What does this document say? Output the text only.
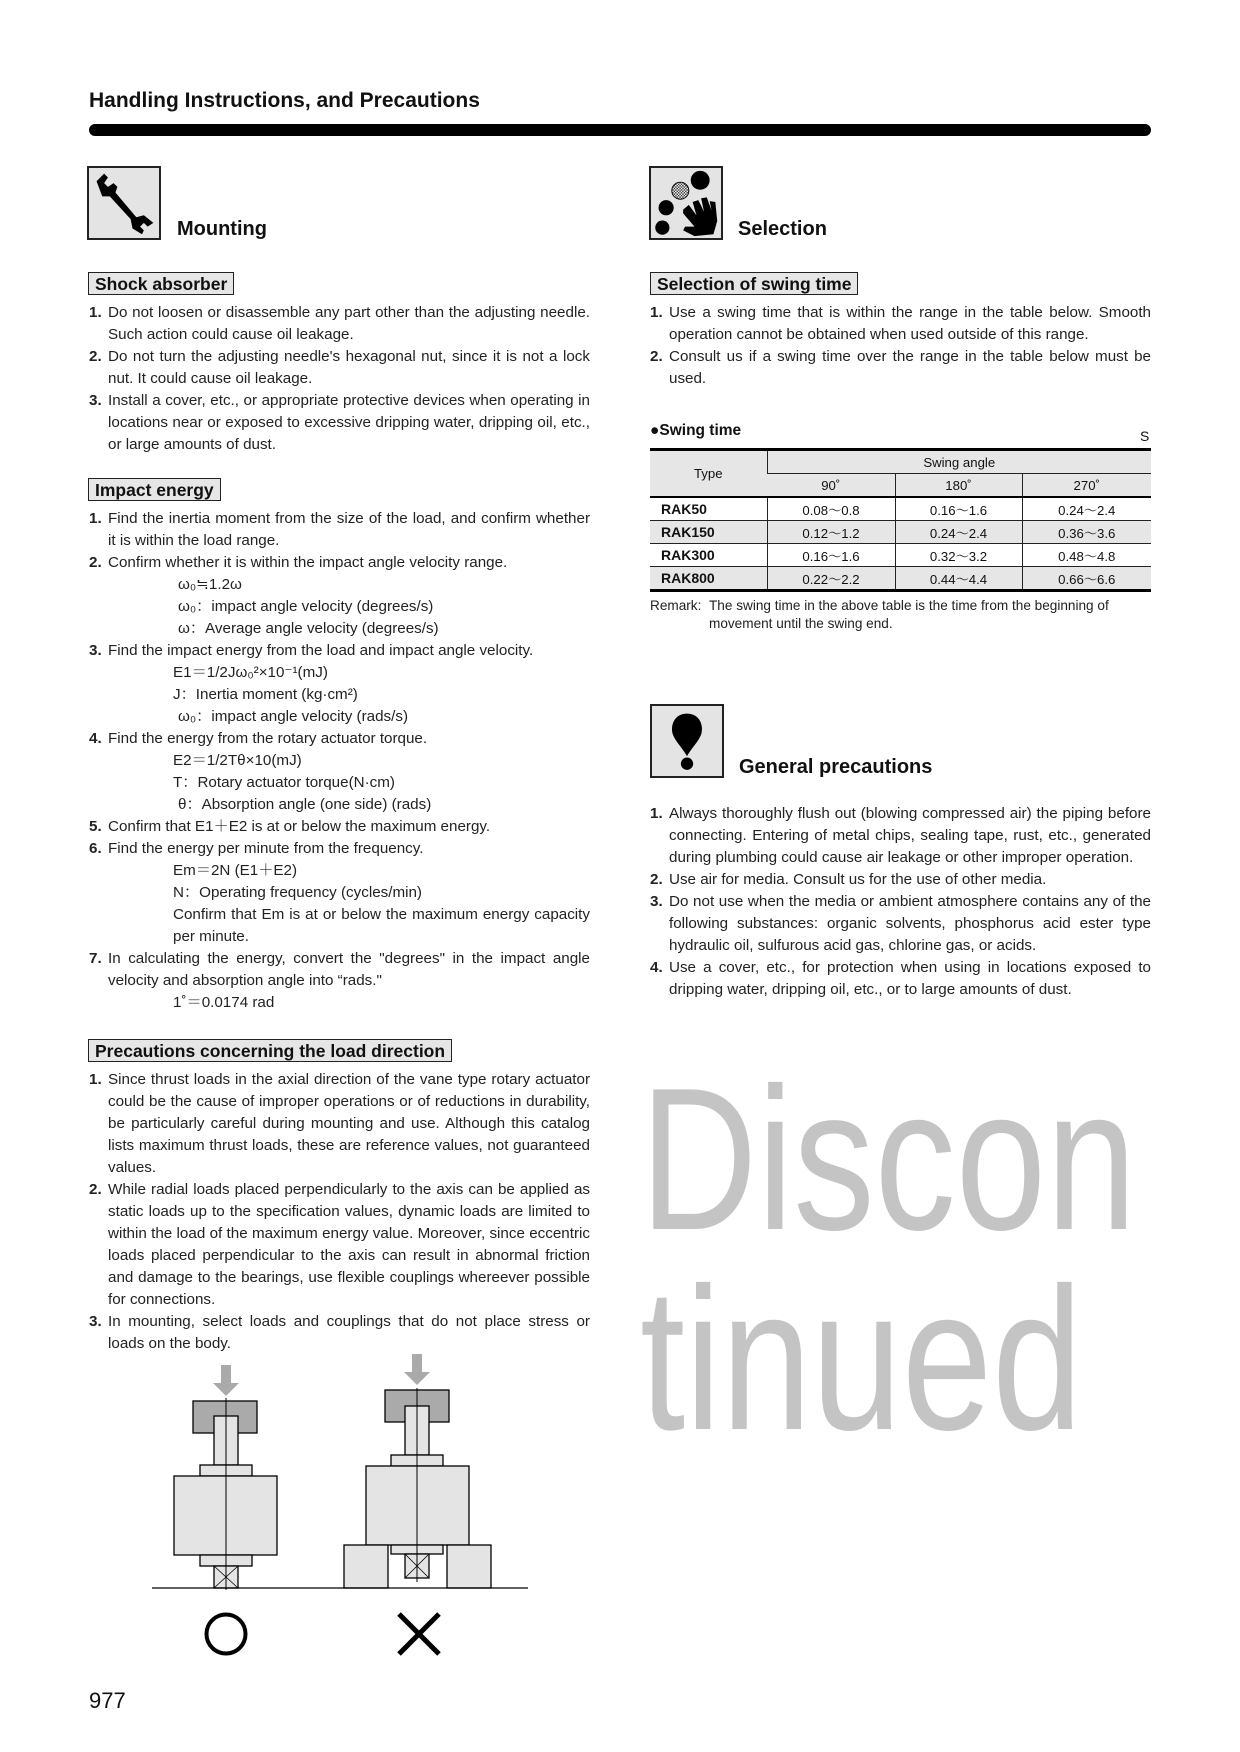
Handling Instructions, and Precautions
Mounting
Shock absorber
1. Do not loosen or disassemble any part other than the adjusting needle. Such action could cause oil leakage.
2. Do not turn the adjusting needle's hexagonal nut, since it is not a lock nut. It could cause oil leakage.
3. Install a cover, etc., or appropriate protective devices when operating in locations near or exposed to excessive dripping water, dripping oil, etc., or large amounts of dust.
Impact energy
1. Find the inertia moment from the size of the load, and confirm whether it is within the load range.
2. Confirm whether it is within the impact angle velocity range.
ω₀≒1.2ω
ω₀：impact angle velocity (degrees/s)
ω：Average angle velocity (degrees/s)
3. Find the impact energy from the load and impact angle velocity.
E1＝1/2Jω₀²×10⁻¹(mJ)
J：Inertia moment (kg·cm²)
ω₀：impact angle velocity (rads/s)
4. Find the energy from the rotary actuator torque.
E2＝1/2Tθ×10(mJ)
T：Rotary actuator torque(N·cm)
θ：Absorption angle (one side) (rads)
5. Confirm that E1＋E2 is at or below the maximum energy.
6. Find the energy per minute from the frequency.
Em＝2N (E1＋E2)
N：Operating frequency (cycles/min)
Confirm that Em is at or below the maximum energy capacity per minute.
7. In calculating the energy, convert the "degrees" in the impact angle velocity and absorption angle into “rads."
1˚＝0.0174 rad
Precautions concerning the load direction
1. Since thrust loads in the axial direction of the vane type rotary actuator could be the cause of improper operations or of reductions in durability, be particularly careful during mounting and use. Although this catalog lists maximum thrust loads, these are reference values, not guaranteed values.
2. While radial loads placed perpendicularly to the axis can be applied as static loads up to the specification values, dynamic loads are limited to within the load of the maximum energy value. Moreover, since eccentric loads placed perpendicular to the axis can result in abnormal friction and damage to the bearings, use flexible couplings whereever possible for connections.
3. In mounting, select loads and couplings that do not place stress or loads on the body.
Selection
Selection of swing time
1. Use a swing time that is within the range in the table below. Smooth operation cannot be obtained when used outside of this range.
2. Consult us if a swing time over the range in the table below must be used.
●Swing time	S
Type	Swing angle		
	90˚	180˚	270˚
RAK50	0.08～0.8	0.16～1.6	0.24～2.4
RAK150	0.12～1.2	0.24～2.4	0.36～3.6
RAK300	0.16～1.6	0.32～3.2	0.48～4.8
RAK800	0.22～2.2	0.44～4.4	0.66～6.6
Remark: The swing time in the above table is the time from the beginning of
movement until the swing end.
General precautions
1. Always thoroughly flush out (blowing compressed air) the piping before connecting. Entering of metal chips, sealing tape, rust, etc., generated during plumbing could cause air leakage or other improper operation.
2. Use air for media. Consult us for the use of other media.
3. Do not use when the media or ambient atmosphere contains any of the following substances: organic solvents, phosphorus acid ester type hydraulic oil, sulfurous acid gas, chlorine gas, or acids.
4. Use a cover, etc., for protection when using in locations exposed to dripping water, dripping oil, etc., or to large amounts of dust.
977
Discontinued
